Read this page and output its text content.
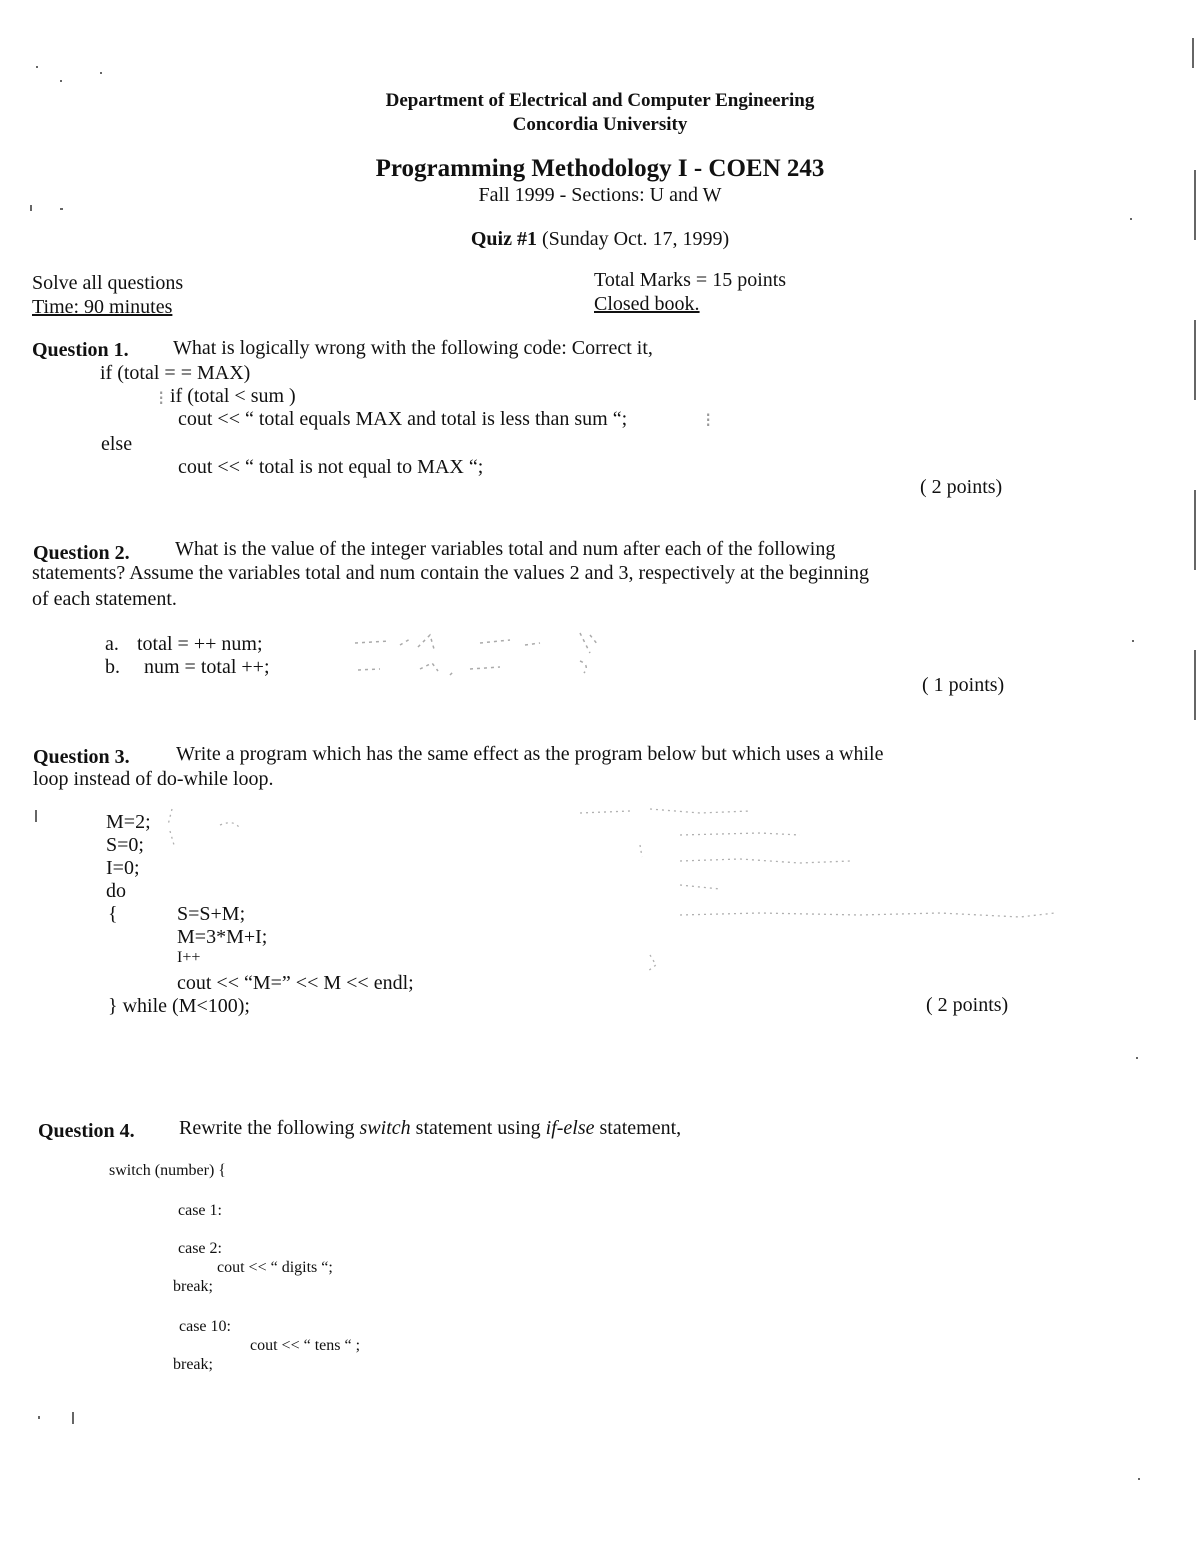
Department of Electrical and Computer Engineering
Concordia University
Programming Methodology I - COEN 243
Fall 1999 - Sections: U and W
Quiz #1 (Sunday Oct. 17, 1999)
Solve all questions
Time: 90 minutes
Total Marks = 15 points
Closed book.
Question 1. What is logically wrong with the following code: Correct it,
if (total = = MAX)
if (total < sum )
cout << “ total equals MAX and total is less than sum “;
else
cout << “ total is not equal to MAX “;
( 2 points)
⁝
⁝
Question 2. What is the value of the integer variables total and num after each of the following
statements? Assume the variables total and num contain the values 2 and 3, respectively at the beginning
of each statement.
a. total = ++ num;
b. num = total ++;
( 1 points)
Question 3. Write a program which has the same effect as the program below but which uses a while
loop instead of do-while loop.
M=2;
S=0;
I=0;
do
{	S=S+M;
M=3*M+I;
I++
cout << “M=” << M << endl;
} while (M<100);	( 2 points)
Question 4. Rewrite the following switch statement using if-else statement,
switch (number) {
case 1:
case 2:
cout << “ digits “;
break;
case 10:
cout << “ tens “ ;
break;
